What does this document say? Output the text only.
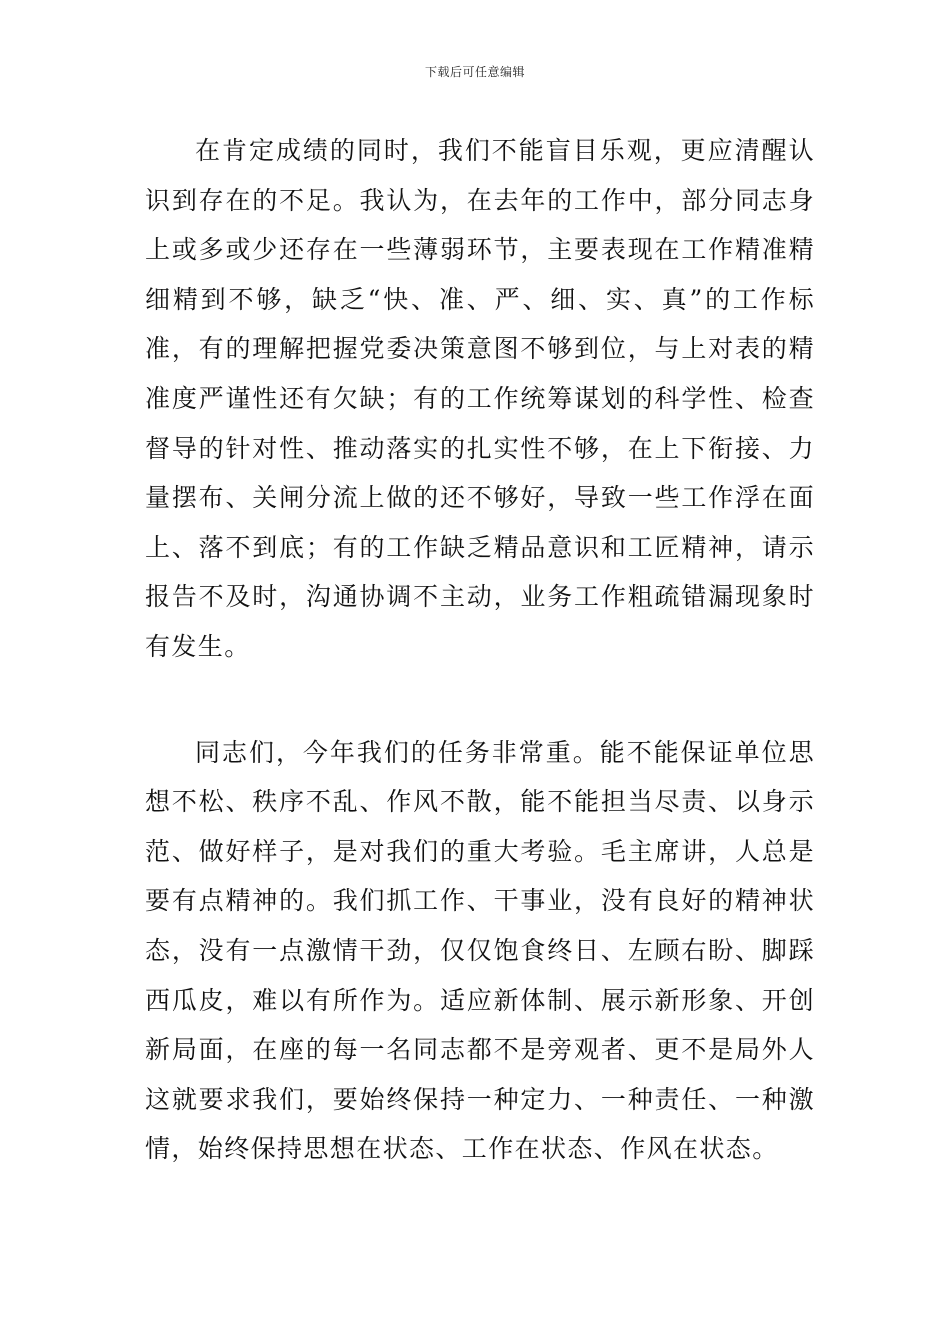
下载后可任意编辑

在肯定成绩的同时，我们不能盲目乐观，更应清醒认识到存在的不足。我认为，在去年的工作中，部分同志身上或多或少还存在一些薄弱环节，主要表现在工作精准精细精到不够，缺乏“快、准、严、细、实、真”的工作标准，有的理解把握党委决策意图不够到位，与上对表的精准度严谨性还有欠缺；有的工作统筹谋划的科学性、检查督导的针对性、推动落实的扎实性不够，在上下衔接、力量摆布、关闸分流上做的还不够好，导致一些工作浮在面上、落不到底；有的工作缺乏精品意识和工匠精神，请示报告不及时，沟通协调不主动，业务工作粗疏错漏现象时有发生。

同志们，今年我们的任务非常重。能不能保证单位思想不松、秩序不乱、作风不散，能不能担当尽责、以身示范、做好样子，是对我们的重大考验。毛主席讲，人总是要有点精神的。我们抓工作、干事业，没有良好的精神状态，没有一点激情干劲，仅仅饱食终日、左顾右盼、脚踩西瓜皮，难以有所作为。适应新体制、展示新形象、开创新局面，在座的每一名同志都不是旁观者、更不是局外人这就要求我们，要始终保持一种定力、一种责任、一种激情，始终保持思想在状态、工作在状态、作风在状态。
